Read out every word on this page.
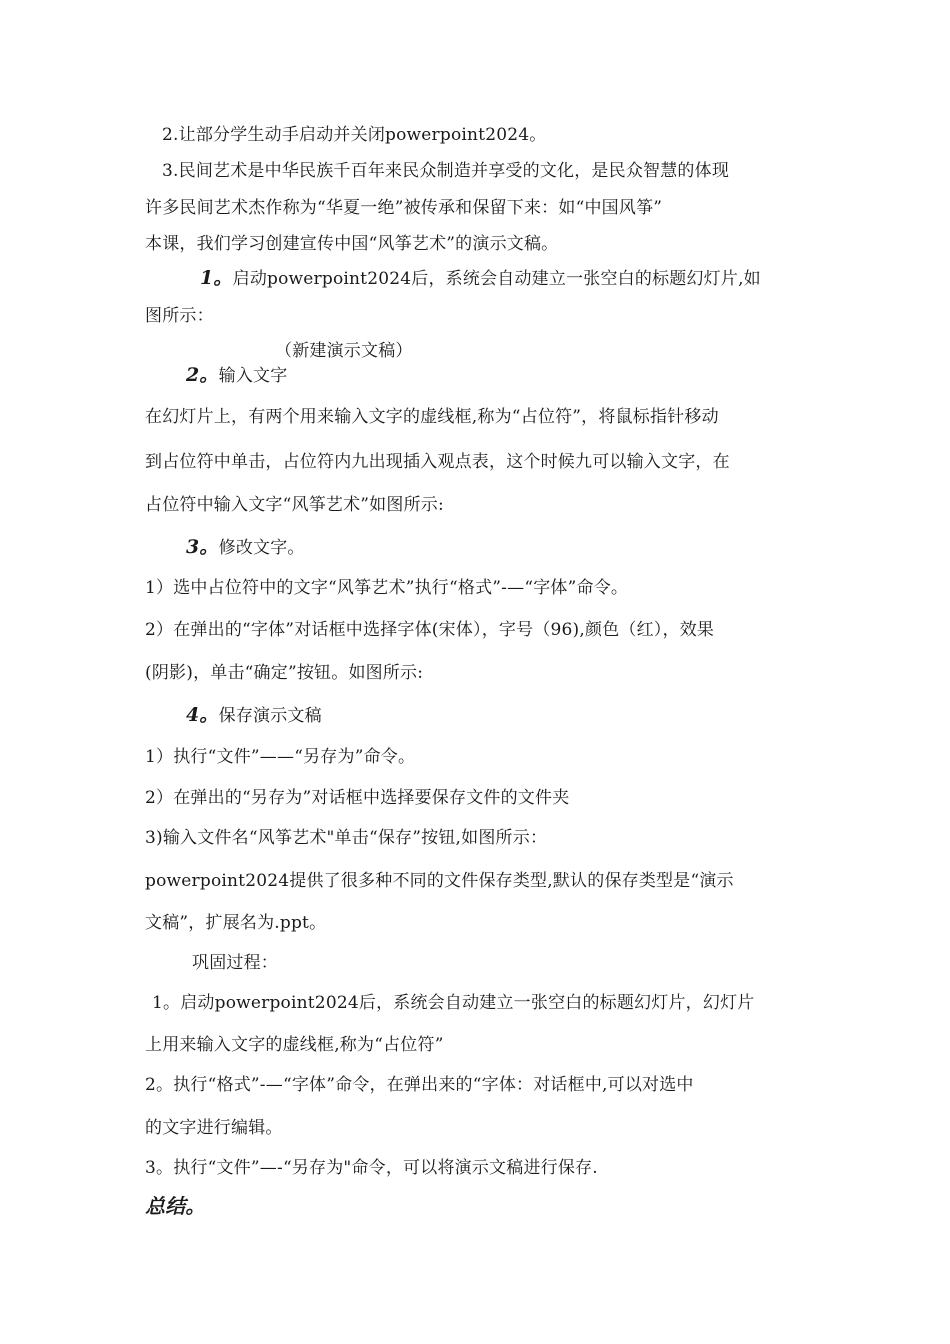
2.让部分学生动手启动并关闭powerpoint2024。
3.民间艺术是中华民族千百年来民众制造并享受的文化，是民众智慧的体现
许多民间艺术杰作称为“华夏一绝”被传承和保留下来：如“中国风筝”
本课，我们学习创建宣传中国“风筝艺术”的演示文稿。
1。启动powerpoint2024后，系统会自动建立一张空白的标题幻灯片,如
图所示：
（新建演示文稿）
2。输入文字
在幻灯片上，有两个用来输入文字的虚线框,称为“占位符”，将鼠标指针移动
到占位符中单击，占位符内九出现插入观点表，这个时候九可以输入文字，在
占位符中输入文字“风筝艺术”如图所示:
3。修改文字。
1）选中占位符中的文字“风筝艺术”执行“格式”-—“字体”命令。
2）在弹出的“字体”对话框中选择字体(宋体），字号（96),颜色（红），效果
(阴影)，单击“确定”按钮。如图所示:
4。保存演示文稿
1）执行“文件”——“另存为”命令。
2）在弹出的“另存为”对话框中选择要保存文件的文件夹
3)输入文件名“风筝艺术"单击“保存”按钮,如图所示：
powerpoint2024提供了很多种不同的文件保存类型,默认的保存类型是“演示
文稿”，扩展名为.ppt。
巩固过程：
1。启动powerpoint2024后，系统会自动建立一张空白的标题幻灯片，幻灯片
上用来输入文字的虚线框,称为“占位符”
2。执行“格式”-—“字体”命令，在弹出来的“字体：对话框中,可以对选中
的文字进行编辑。
3。执行“文件”—-“另存为"命令，可以将演示文稿进行保存.
总结。
